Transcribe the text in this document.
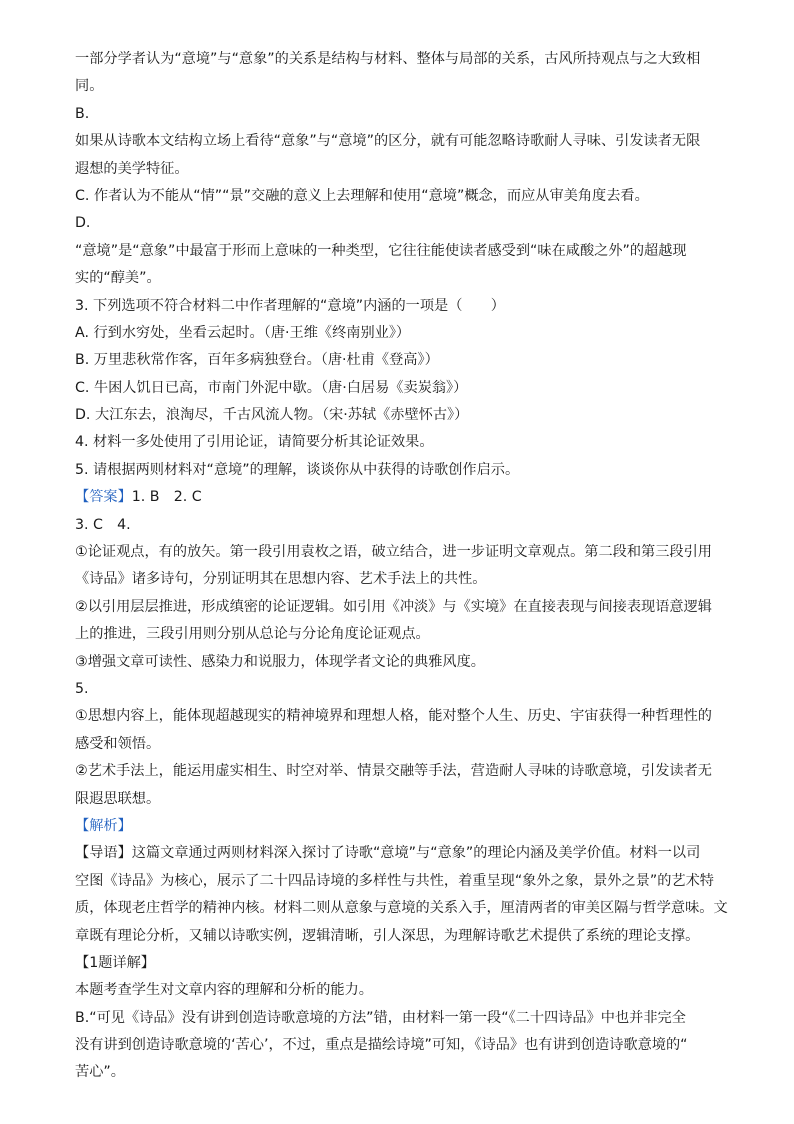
一部分学者认为“意境”与“意象”的关系是结构与材料、整体与局部的关系，古风所持观点与之大致相
同。
B.
如果从诗歌本文结构立场上看待“意象”与“意境”的区分，就有可能忽略诗歌耐人寻味、引发读者无限
遐想的美学特征。
C. 作者认为不能从“情”“景”交融的意义上去理解和使用“意境”概念，而应从审美角度去看。
D.
“意境”是“意象”中最富于形而上意味的一种类型，它往往能使读者感受到“味在咸酸之外”的超越现
实的“醇美”。
3. 下列选项不符合材料二中作者理解的“意境”内涵的一项是（　　）
A. 行到水穷处，坐看云起时。（唐·王维《终南别业》）
B. 万里悲秋常作客，百年多病独登台。（唐·杜甫《登高》）
C. 牛困人饥日已高，市南门外泥中歇。（唐·白居易《卖炭翁》）
D. 大江东去，浪淘尽，千古风流人物。（宋·苏轼《赤壁怀古》）
4. 材料一多处使用了引用论证，请简要分析其论证效果。
5. 请根据两则材料对“意境”的理解，谈谈你从中获得的诗歌创作启示。
【答案】1. B　2. C
3. C　4.
①论证观点，有的放矢。第一段引用袁枚之语，破立结合，进一步证明文章观点。第二段和第三段引用
《诗品》诸多诗句，分别证明其在思想内容、艺术手法上的共性。
②以引用层层推进，形成缜密的论证逻辑。如引用《冲淡》与《实境》在直接表现与间接表现语意逻辑
上的推进，三段引用则分别从总论与分论角度论证观点。
③增强文章可读性、感染力和说服力，体现学者文论的典雅风度。
5.
①思想内容上，能体现超越现实的精神境界和理想人格，能对整个人生、历史、宇宙获得一种哲理性的
感受和领悟。
②艺术手法上，能运用虚实相生、时空对举、情景交融等手法，营造耐人寻味的诗歌意境，引发读者无
限遐思联想。
【解析】
【导语】这篇文章通过两则材料深入探讨了诗歌“意境”与“意象”的理论内涵及美学价值。材料一以司
空图《诗品》为核心，展示了二十四品诗境的多样性与共性，着重呈现“象外之象，景外之景”的艺术特
质，体现老庄哲学的精神内核。材料二则从意象与意境的关系入手，厘清两者的审美区隔与哲学意味。文
章既有理论分析，又辅以诗歌实例，逻辑清晰，引人深思，为理解诗歌艺术提供了系统的理论支撑。
【1题详解】
本题考查学生对文章内容的理解和分析的能力。
B.“可见《诗品》没有讲到创造诗歌意境的方法”错，由材料一第一段“《二十四诗品》中也并非完全
没有讲到创造诗歌意境的‘苦心’，不过，重点是描绘诗境”可知，《诗品》也有讲到创造诗歌意境的“
苦心”。
